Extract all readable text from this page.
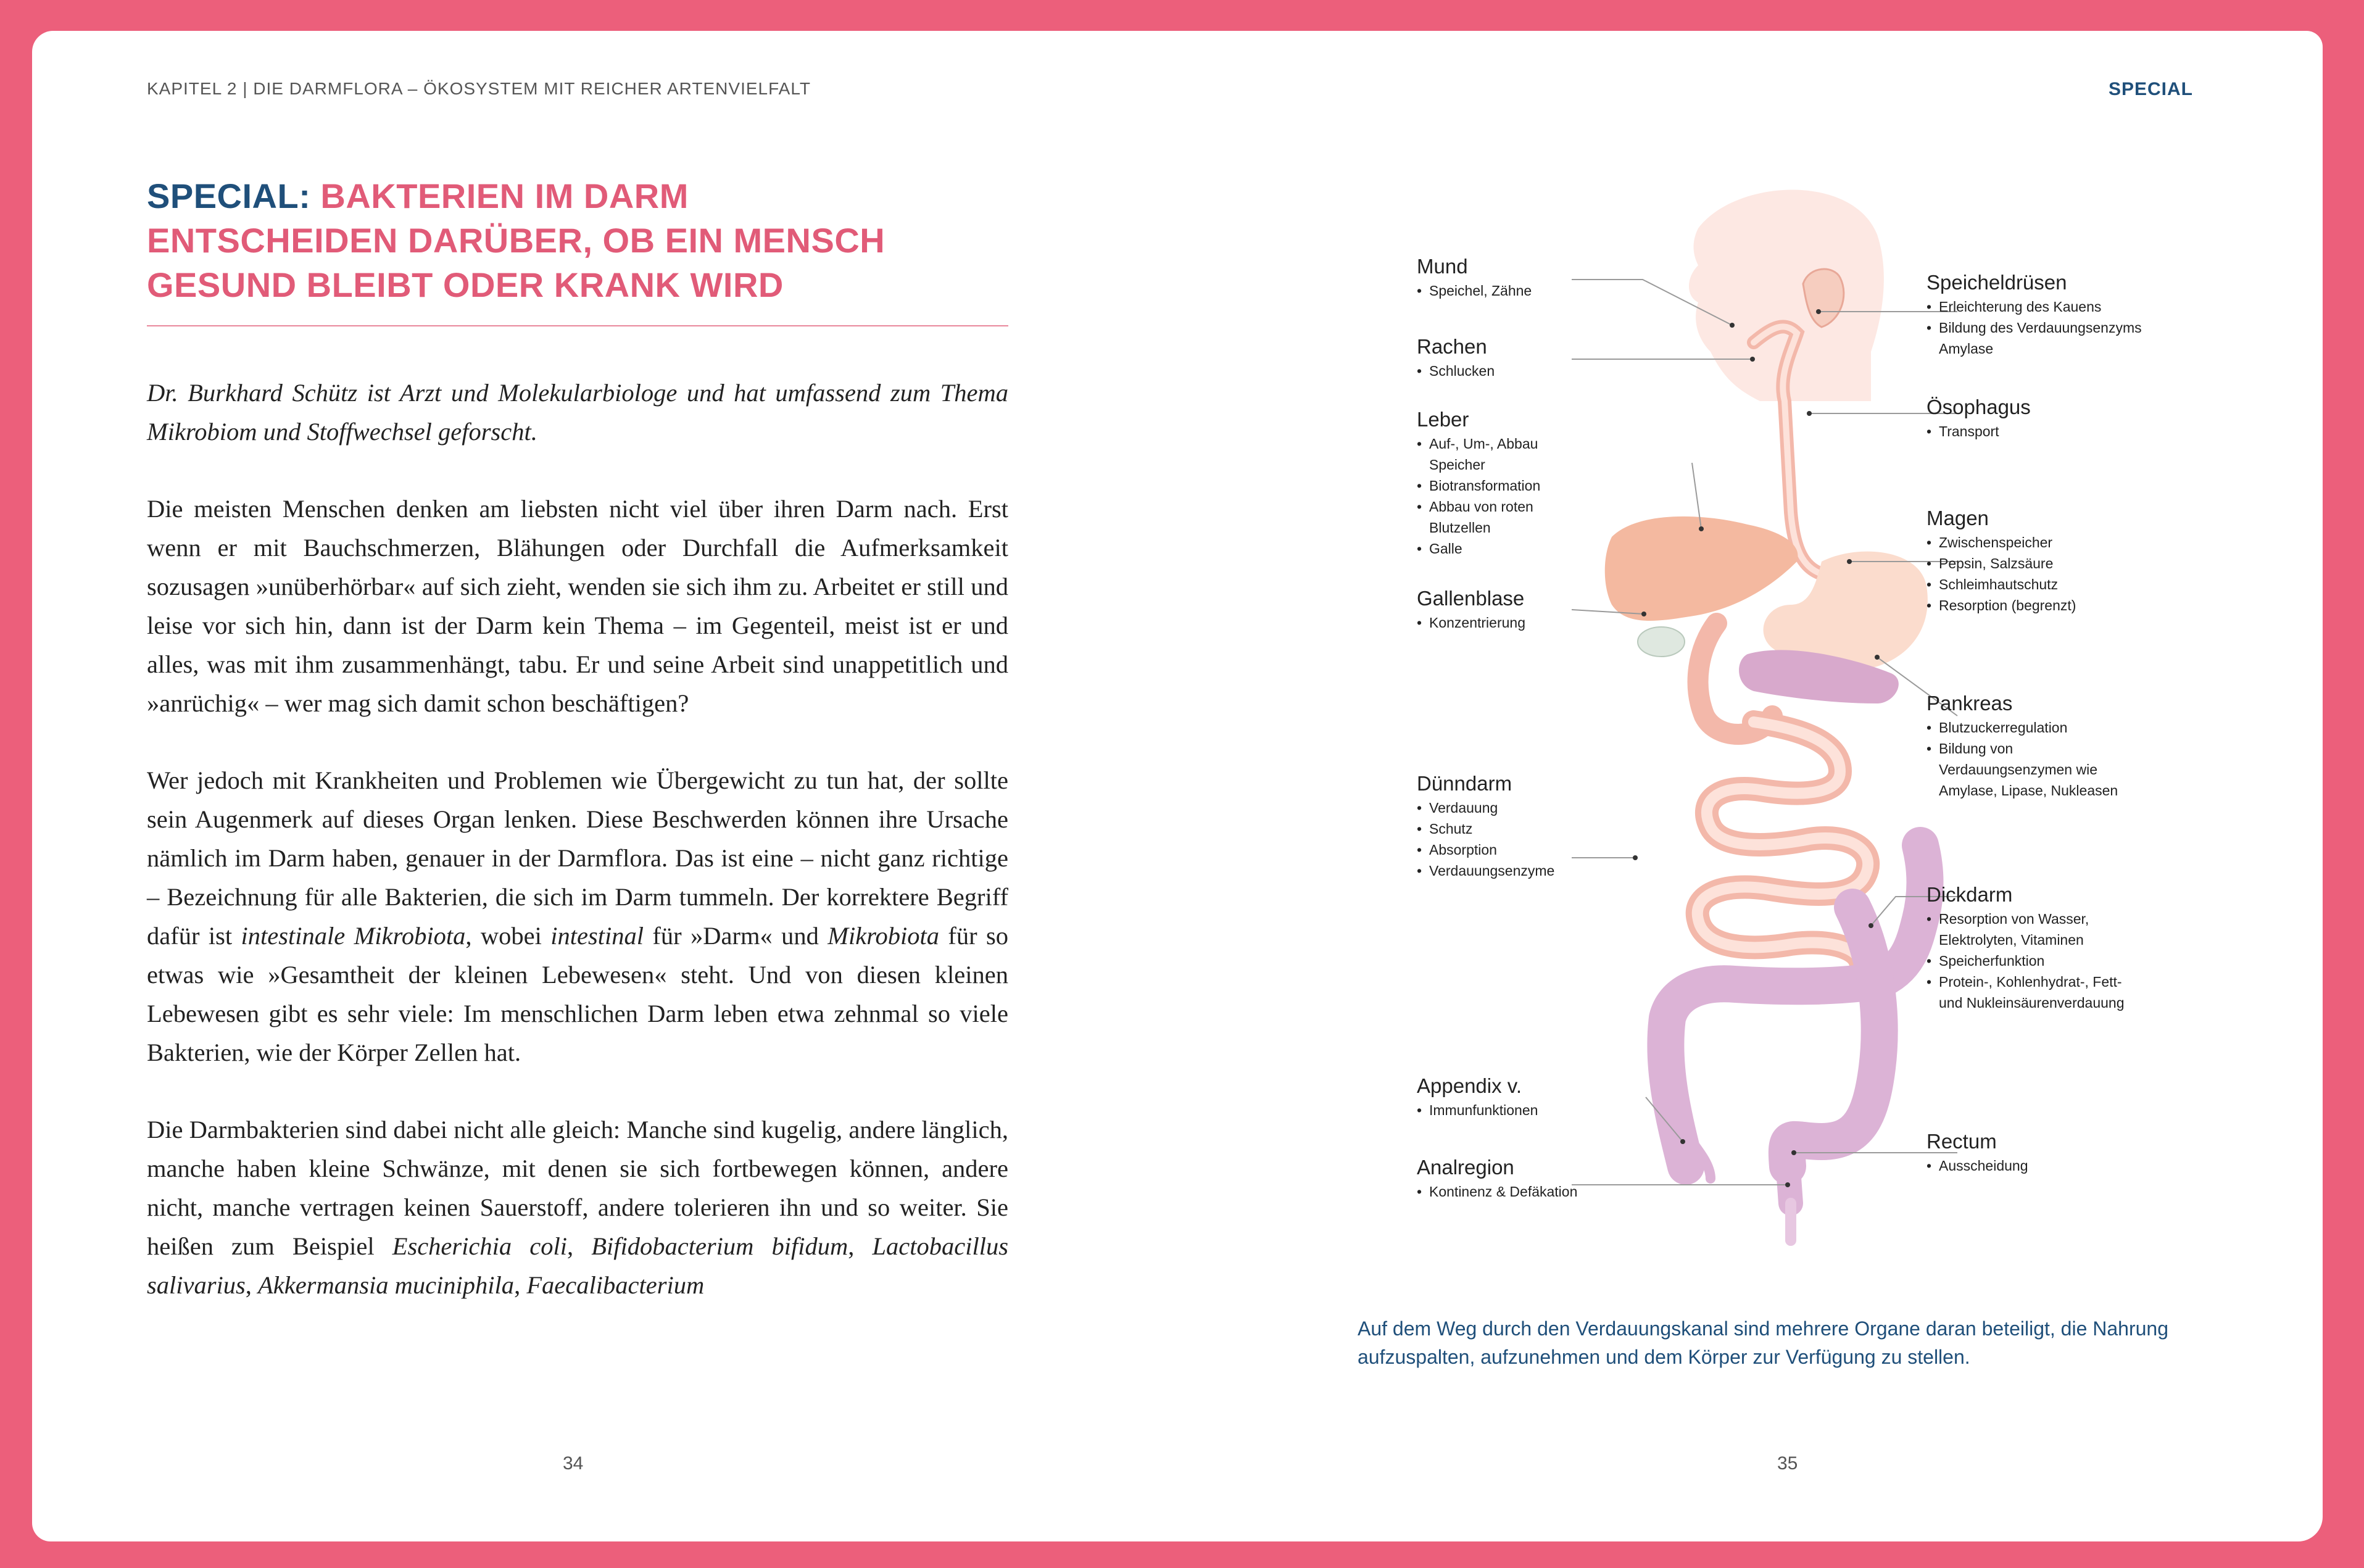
KAPITEL 2 | DIE DARMFLORA – ÖKOSYSTEM MIT REICHER ARTENVIELFALT	SPECIAL
SPECIAL: BAKTERIEN IM DARM
ENTSCHEIDEN DARÜBER, OB EIN MENSCH
GESUND BLEIBT ODER KRANK WIRD

Dr. Burkhard Schütz ist Arzt und Molekularbiologe und hat umfassend zum Thema Mikrobiom und Stoffwechsel geforscht.

Die meisten Menschen denken am liebsten nicht viel über ihren Darm nach. Erst wenn er mit Bauchschmerzen, Blähungen oder Durchfall die Aufmerksamkeit sozusagen »unüberhörbar« auf sich zieht, wenden sie sich ihm zu. Arbeitet er still und leise vor sich hin, dann ist der Darm kein Thema – im Gegenteil, meist ist er und alles, was mit ihm zusammenhängt, tabu. Er und seine Arbeit sind unappetitlich und »anrüchig« – wer mag sich damit schon beschäftigen?

Wer jedoch mit Krankheiten und Problemen wie Übergewicht zu tun hat, der sollte sein Augenmerk auf dieses Organ lenken. Diese Beschwerden können ihre Ursache nämlich im Darm haben, genauer in der Darmflora. Das ist eine – nicht ganz richtige – Bezeichnung für alle Bakterien, die sich im Darm tummeln. Der korrektere Begriff dafür ist intestinale Mikrobiota, wobei intestinal für »Darm« und Mikrobiota für so etwas wie »Gesamtheit der kleinen Lebewesen« steht. Und von diesen kleinen Lebewesen gibt es sehr viele: Im menschlichen Darm leben etwa zehnmal so viele Bakterien, wie der Körper Zellen hat.

Die Darmbakterien sind dabei nicht alle gleich: Manche sind kugelig, andere länglich, manche haben kleine Schwänze, mit denen sie sich fortbewegen können, andere nicht, manche vertragen keinen Sauerstoff, andere tolerieren ihn und so weiter. Sie heißen zum Beispiel Escherichia coli, Bifidobacterium bifidum, Lactobacillus salivarius, Akkermansia muciniphila, Faecalibacterium

34	35
Mund
• Speichel, Zähne
Rachen
• Schlucken
Leber
• Auf-, Um-, Abbau Speicher
• Biotransformation
• Abbau von roten Blutzellen
• Galle
Gallenblase
• Konzentrierung
Dünndarm
• Verdauung
• Schutz
• Absorption
• Verdauungsenzyme
Appendix v.
• Immunfunktionen
Analregion
• Kontinenz & Defäkation
Speicheldrüsen
• Erleichterung des Kauens
• Bildung des Verdauungsenzyms Amylase
Ösophagus
• Transport
Magen
• Zwischenspeicher
• Pepsin, Salzsäure
• Schleimhautschutz
• Resorption (begrenzt)
Pankreas
• Blutzuckerregulation
• Bildung von Verdauungsenzymen wie Amylase, Lipase, Nukleasen
Dickdarm
• Resorption von Wasser, Elektrolyten, Vitaminen
• Speicherfunktion
• Protein-, Kohlenhydrat-, Fett- und Nukleinsäurenverdauung
Rectum
• Ausscheidung
Auf dem Weg durch den Verdauungskanal sind mehrere Organe daran beteiligt, die Nahrung aufzuspalten, aufzunehmen und dem Körper zur Verfügung zu stellen.
